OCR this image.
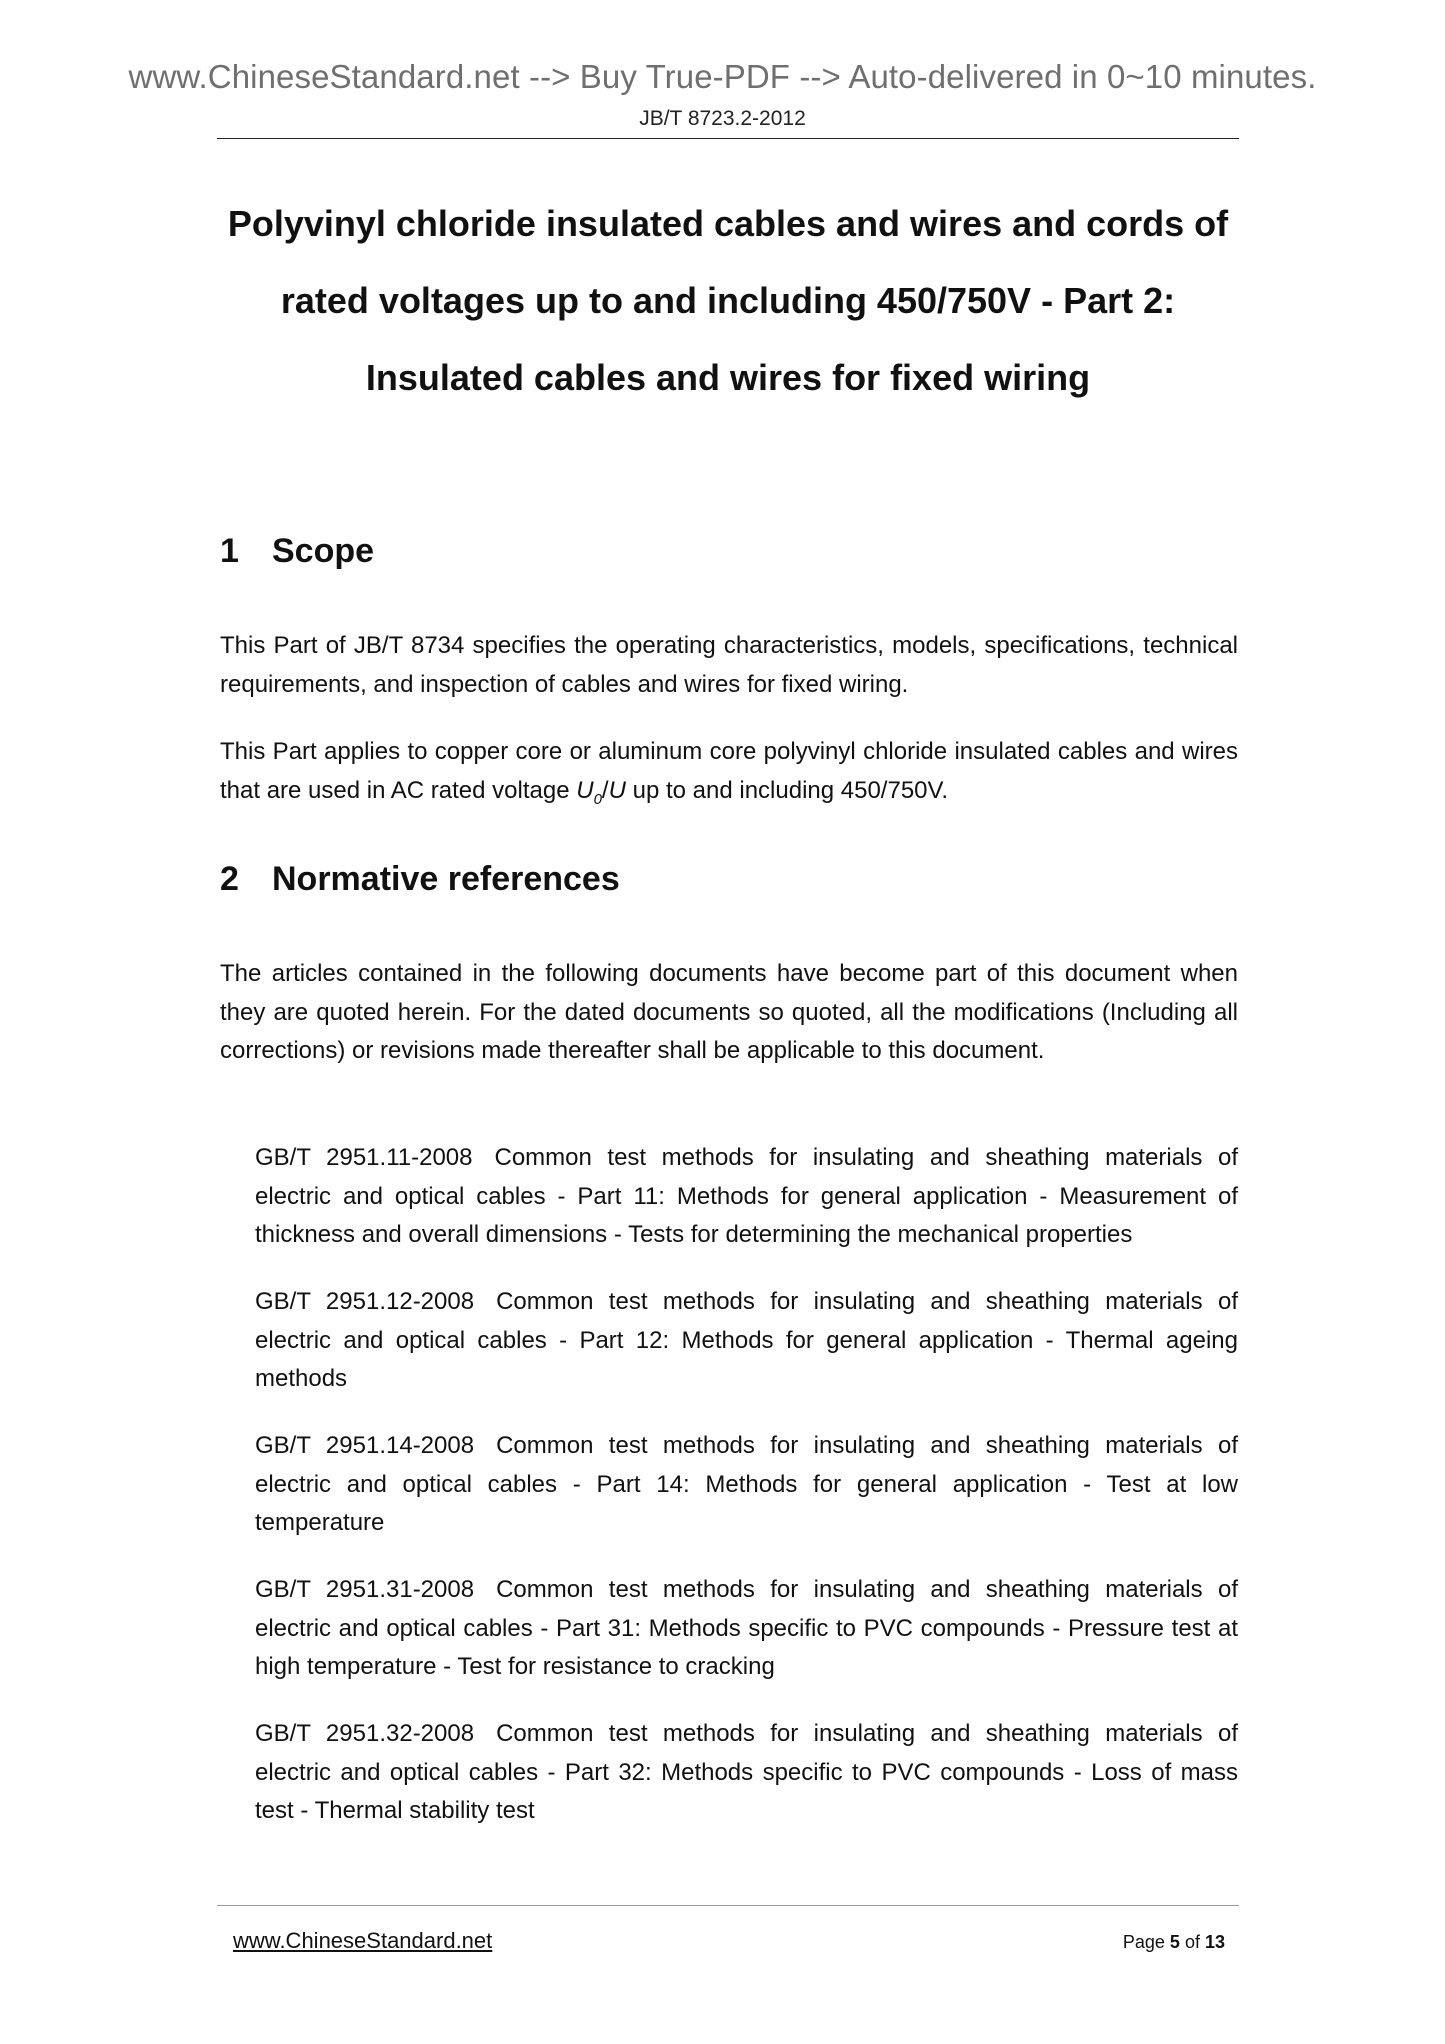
www.ChineseStandard.net --> Buy True-PDF --> Auto-delivered in 0~10 minutes.
JB/T 8723.2-2012
Polyvinyl chloride insulated cables and wires and cords of
rated voltages up to and including 450/750V - Part 2:
Insulated cables and wires for fixed wiring
1 Scope

This Part of JB/T 8734 specifies the operating characteristics, models, specifications, technical requirements, and inspection of cables and wires for fixed wiring.

This Part applies to copper core or aluminum core polyvinyl chloride insulated cables and wires that are used in AC rated voltage $U_0/U$ up to and including 450/750V.

2 Normative references

The articles contained in the following documents have become part of this document when they are quoted herein. For the dated documents so quoted, all the modifications (Including all corrections) or revisions made thereafter shall be applicable to this document.

GB/T 2951.11-2008 Common test methods for insulating and sheathing materials of electric and optical cables - Part 11: Methods for general application - Measurement of thickness and overall dimensions - Tests for determining the mechanical properties

GB/T 2951.12-2008 Common test methods for insulating and sheathing materials of electric and optical cables - Part 12: Methods for general application - Thermal ageing methods

GB/T 2951.14-2008 Common test methods for insulating and sheathing materials of electric and optical cables - Part 14: Methods for general application - Test at low temperature

GB/T 2951.31-2008 Common test methods for insulating and sheathing materials of electric and optical cables - Part 31: Methods specific to PVC compounds - Pressure test at high temperature - Test for resistance to cracking

GB/T 2951.32-2008 Common test methods for insulating and sheathing materials of electric and optical cables - Part 32: Methods specific to PVC compounds - Loss of mass test - Thermal stability test

www.ChineseStandard.net	Page 5 of 13
